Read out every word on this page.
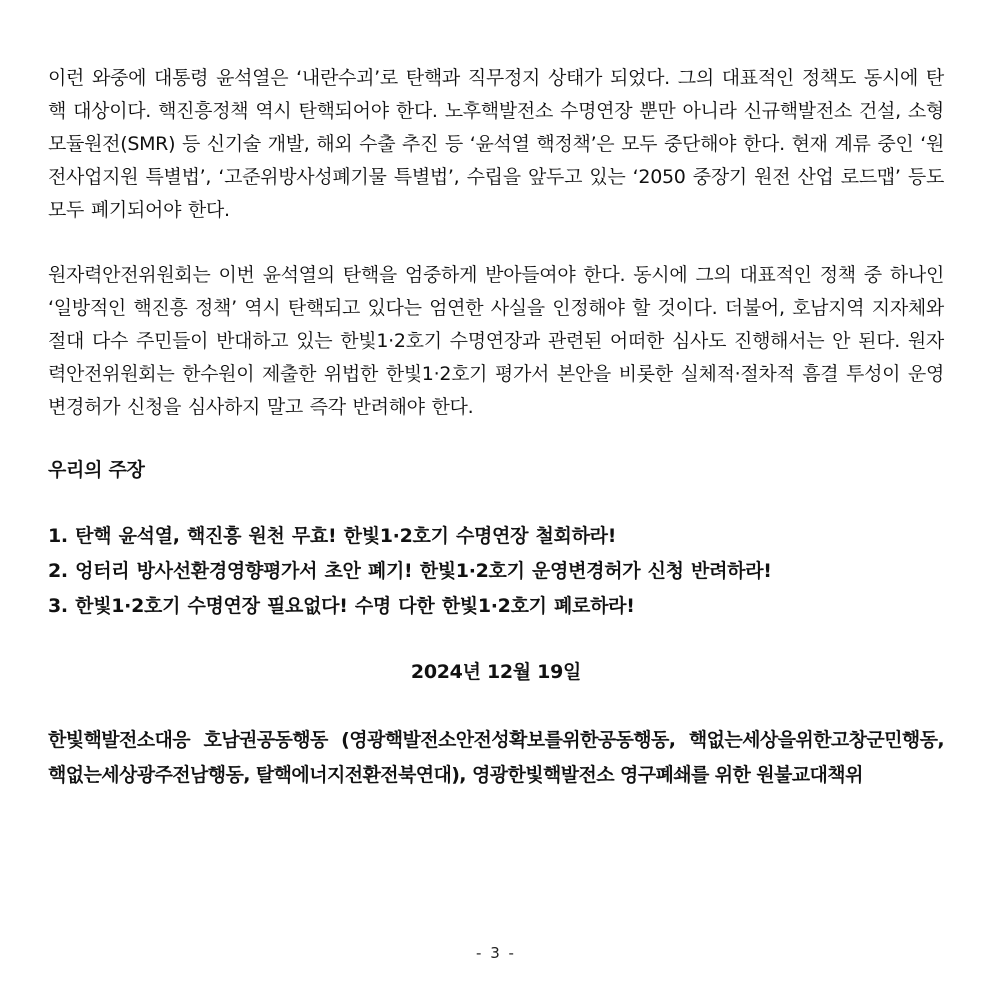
이런 와중에 대통령 윤석열은 ‘내란수괴’로 탄핵과 직무정지 상태가 되었다. 그의 대표적인 정책도 동시에 탄핵 대상이다. 핵진흥정책 역시 탄핵되어야 한다. 노후핵발전소 수명연장 뿐만 아니라 신규핵발전소 건설, 소형모듈원전(SMR) 등 신기술 개발, 해외 수출 추진 등 ‘윤석열 핵정책’은 모두 중단해야 한다. 현재 계류 중인 ‘원전사업지원 특별법’, ‘고준위방사성폐기물 특별법’, 수립을 앞두고 있는 ‘2050 중장기 원전 산업 로드맵’ 등도 모두 폐기되어야 한다.

원자력안전위원회는 이번 윤석열의 탄핵을 엄중하게 받아들여야 한다. 동시에 그의 대표적인 정책 중 하나인 ‘일방적인 핵진흥 정책’ 역시 탄핵되고 있다는 엄연한 사실을 인정해야 할 것이다. 더불어, 호남지역 지자체와 절대 다수 주민들이 반대하고 있는 한빛1·2호기 수명연장과 관련된 어떠한 심사도 진행해서는 안 된다. 원자력안전위원회는 한수원이 제출한 위법한 한빛1·2호기 평가서 본안을 비롯한 실체적·절차적 흠결 투성이 운영변경허가 신청을 심사하지 말고 즉각 반려해야 한다.

우리의 주장
1. 탄핵 윤석열, 핵진흥 원천 무효! 한빛1·2호기 수명연장 철회하라!
2. 엉터리 방사선환경영향평가서 초안 폐기! 한빛1·2호기 운영변경허가 신청 반려하라!
3. 한빛1·2호기 수명연장 필요없다! 수명 다한 한빛1·2호기 폐로하라!

2024년 12월 19일

한빛핵발전소대응 호남권공동행동 (영광핵발전소안전성확보를위한공동행동, 핵없는세상을위한고창군민행동, 핵없는세상광주전남행동, 탈핵에너지전환전북연대), 영광한빛핵발전소 영구폐쇄를 위한 원불교대책위

- 3 -
